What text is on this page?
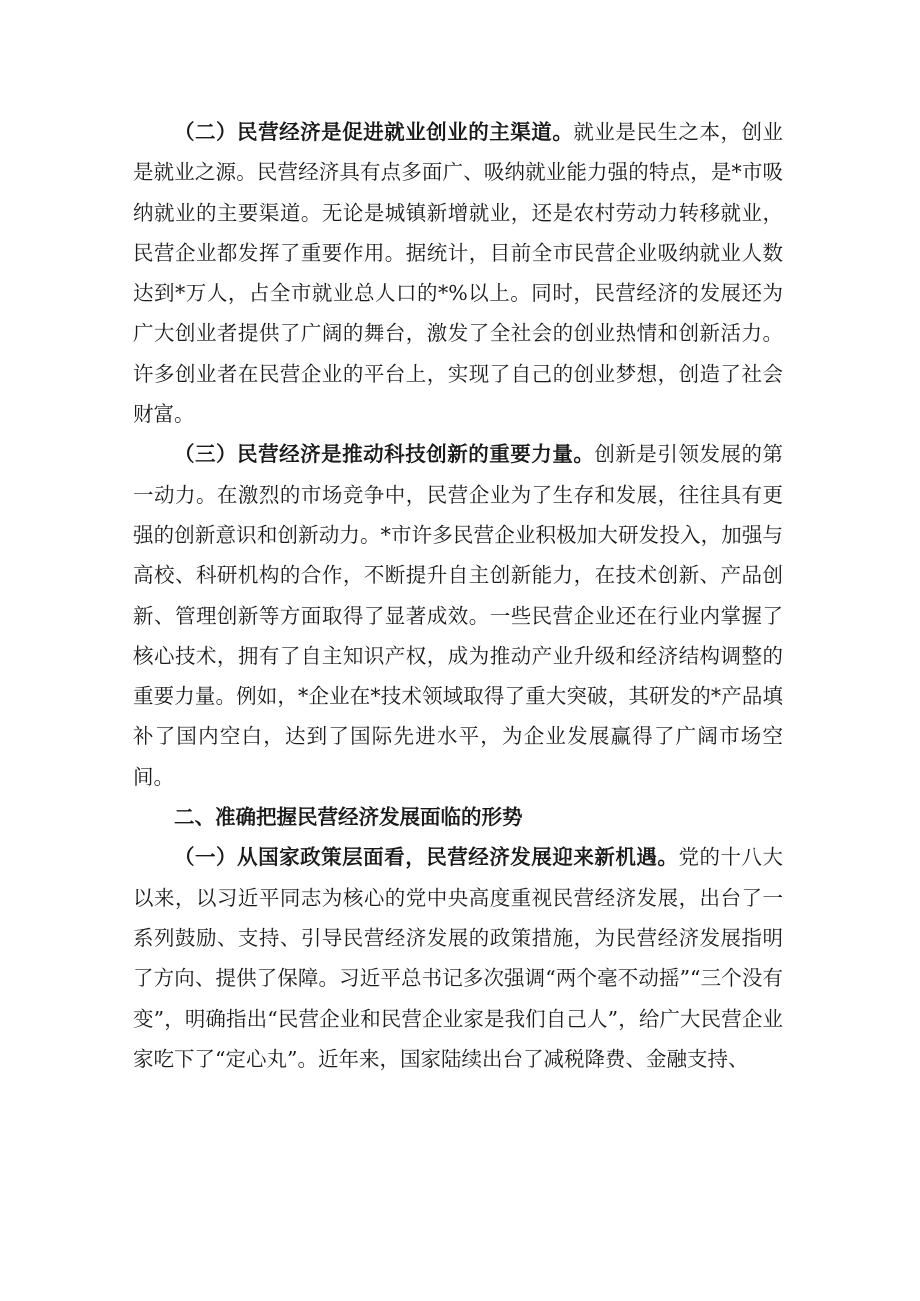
（二）民营经济是促进就业创业的主渠道。就业是民生之本，创业是就业之源。民营经济具有点多面广、吸纳就业能力强的特点，是*市吸纳就业的主要渠道。无论是城镇新增就业，还是农村劳动力转移就业，民营企业都发挥了重要作用。据统计，目前全市民营企业吸纳就业人数达到*万人，占全市就业总人口的*%以上。同时，民营经济的发展还为广大创业者提供了广阔的舞台，激发了全社会的创业热情和创新活力。许多创业者在民营企业的平台上，实现了自己的创业梦想，创造了社会财富。

（三）民营经济是推动科技创新的重要力量。创新是引领发展的第一动力。在激烈的市场竞争中，民营企业为了生存和发展，往往具有更强的创新意识和创新动力。*市许多民营企业积极加大研发投入，加强与高校、科研机构的合作，不断提升自主创新能力，在技术创新、产品创新、管理创新等方面取得了显著成效。一些民营企业还在行业内掌握了核心技术，拥有了自主知识产权，成为推动产业升级和经济结构调整的重要力量。例如，*企业在*技术领域取得了重大突破，其研发的*产品填补了国内空白，达到了国际先进水平，为企业发展赢得了广阔市场空间。

二、准确把握民营经济发展面临的形势

（一）从国家政策层面看，民营经济发展迎来新机遇。党的十八大以来，以习近平同志为核心的党中央高度重视民营经济发展，出台了一系列鼓励、支持、引导民营经济发展的政策措施，为民营经济发展指明了方向、提供了保障。习近平总书记多次强调“两个毫不动摇”“三个没有变”，明确指出“民营企业和民营企业家是我们自己人”，给广大民营企业家吃下了“定心丸”。近年来，国家陆续出台了减税降费、金融支持、
